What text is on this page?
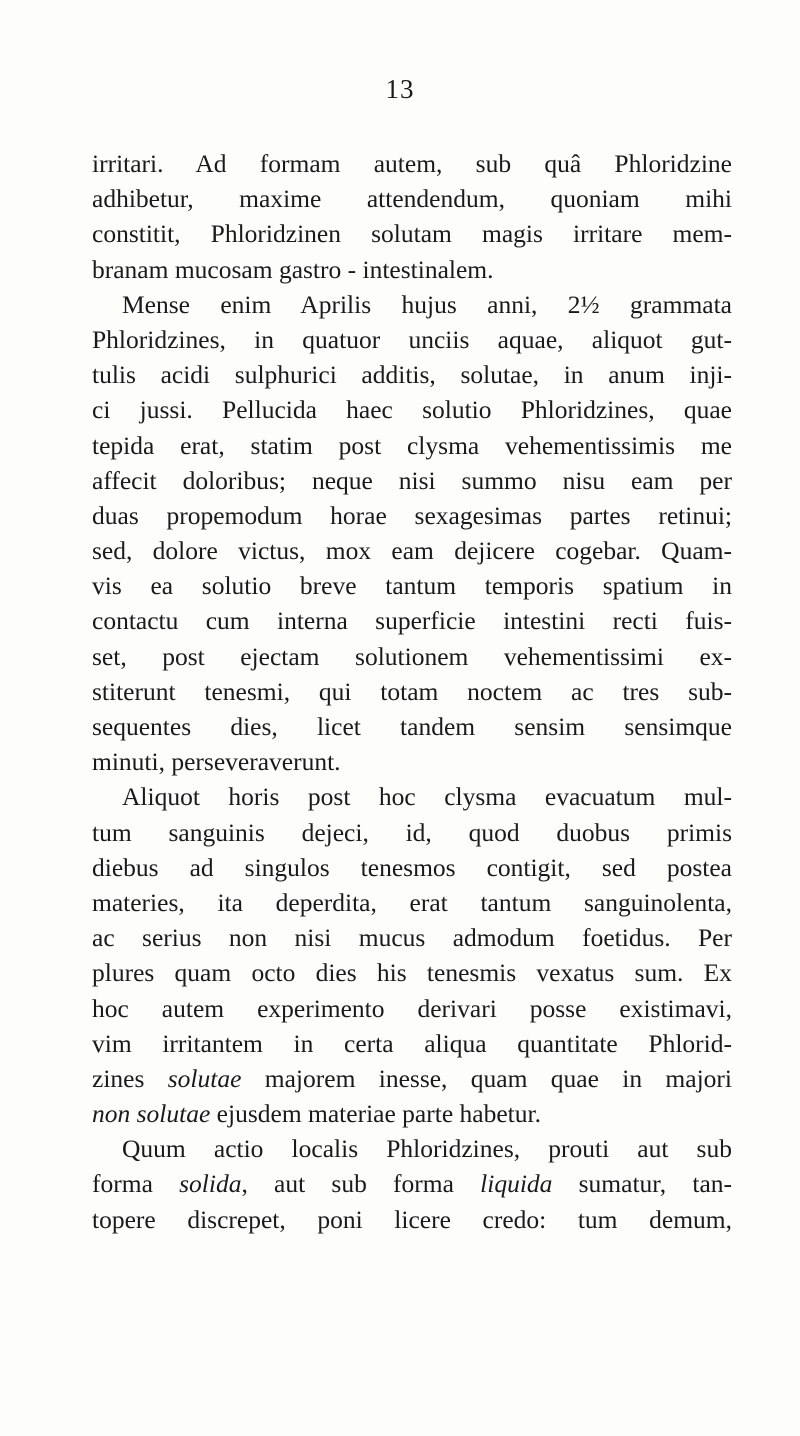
13
irritari. Ad formam autem, sub quâ Phloridzine
adhibetur, maxime attendendum, quoniam mihi
constitit, Phloridzinen solutam magis irritare mem-
branam mucosam gastro - intestinalem.
Mense enim Aprilis hujus anni, 2½ grammata
Phloridzines, in quatuor unciis aquae, aliquot gut-
tulis acidi sulphurici additis, solutae, in anum inji-
ci jussi. Pellucida haec solutio Phloridzines, quae
tepida erat, statim post clysma vehementissimis me
affecit doloribus; neque nisi summo nisu eam per
duas propemodum horae sexagesimas partes retinui;
sed, dolore victus, mox eam dejicere cogebar. Quam-
vis ea solutio breve tantum temporis spatium in
contactu cum interna superficie intestini recti fuis-
set, post ejectam solutionem vehementissimi ex-
stiterunt tenesmi, qui totam noctem ac tres sub-
sequentes dies, licet tandem sensim sensimque
minuti, perseveraverunt.
Aliquot horis post hoc clysma evacuatum mul-
tum sanguinis dejeci, id, quod duobus primis
diebus ad singulos tenesmos contigit, sed postea
materies, ita deperdita, erat tantum sanguinolenta,
ac serius non nisi mucus admodum foetidus. Per
plures quam octo dies his tenesmis vexatus sum. Ex
hoc autem experimento derivari posse existimavi,
vim irritantem in certa aliqua quantitate Phlorid-
zines solutae majorem inesse, quam quae in majori
non solutae ejusdem materiae parte habetur.
Quum actio localis Phloridzines, prouti aut sub
forma solida, aut sub forma liquida sumatur, tan-
topere discrepet, poni licere credo: tum demum,
